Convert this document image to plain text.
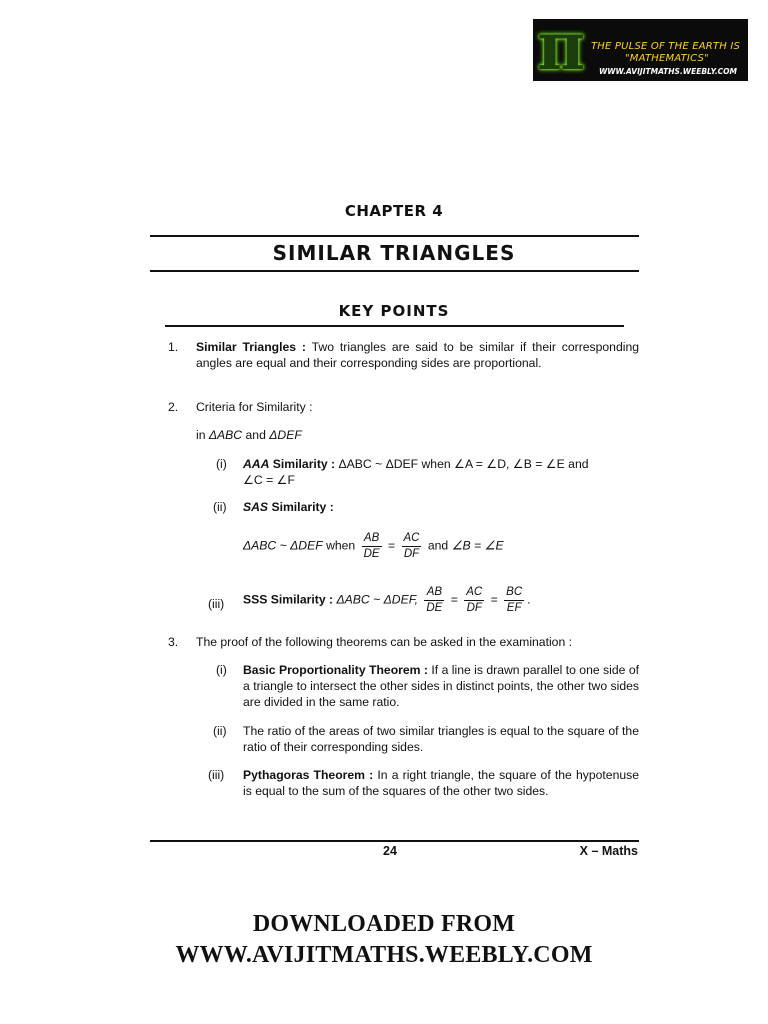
π THE PULSE OF THE EARTH IS
"MATHEMATICS"
WWW.AVIJITMATHS.WEEBLY.COM
CHAPTER 4
SIMILAR TRIANGLES
KEY POINTS
1. Similar Triangles : Two triangles are said to be similar if their corresponding angles are equal and their corresponding sides are proportional.
2. Criteria for Similarity :
in ΔABC and ΔDEF
(i) AAA Similarity : ΔABC ~ ΔDEF when ∠A = ∠D, ∠B = ∠E and
∠C = ∠F
(ii) SAS Similarity :
ΔABC ~ ΔDEF when $\frac{AB}{DE} = \frac{AC}{DF}$ and ∠B = ∠E
(iii) SSS Similarity : ΔABC ~ ΔDEF, $\frac{AB}{DE} = \frac{AC}{DF} = \frac{BC}{EF}$ .
3. The proof of the following theorems can be asked in the examination :
(i) Basic Proportionality Theorem : If a line is drawn parallel to one side of a triangle to intersect the other sides in distinct points, the other two sides are divided in the same ratio.
(ii) The ratio of the areas of two similar triangles is equal to the square of the ratio of their corresponding sides.
(iii) Pythagoras Theorem : In a right triangle, the square of the hypotenuse is equal to the sum of the squares of the other two sides.
24	X – Maths
DOWNLOADED FROM
WWW.AVIJITMATHS.WEEBLY.COM
